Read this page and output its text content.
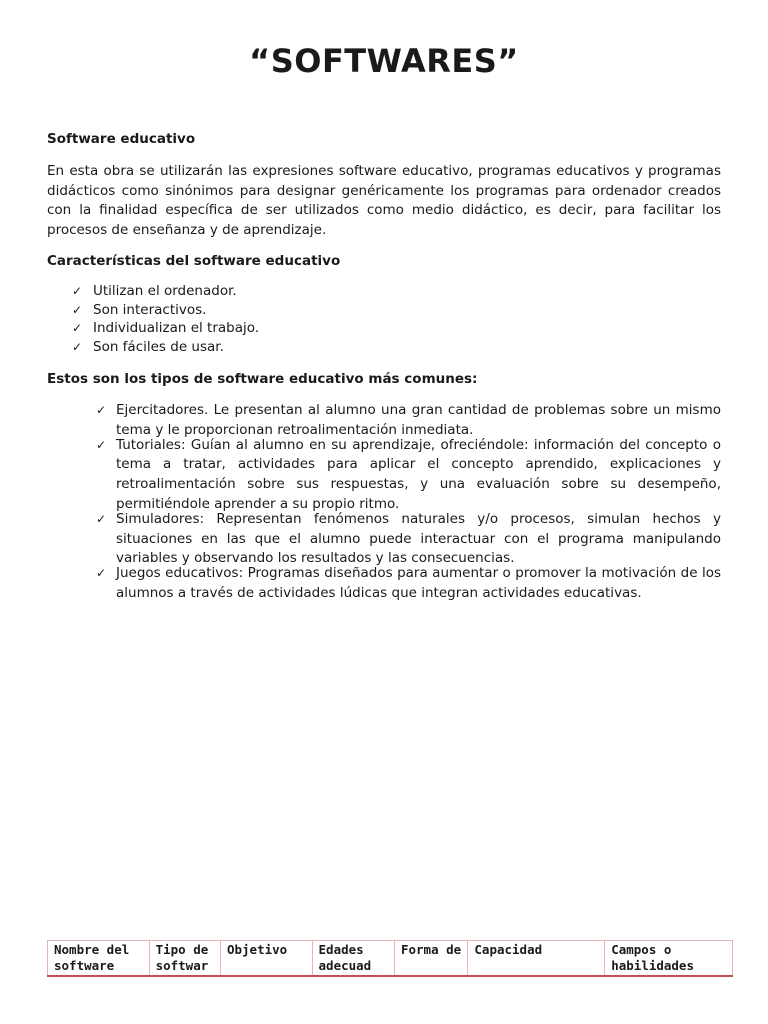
“SOFTWARES”
Software educativo
En esta obra se utilizarán las expresiones software educativo, programas educativos y programas didácticos como sinónimos para designar genéricamente los programas para ordenador creados con la finalidad específica de ser utilizados como medio didáctico, es decir, para facilitar los procesos de enseñanza y de aprendizaje.
Características del software educativo
✓ Utilizan el ordenador.
✓ Son interactivos.
✓ Individualizan el trabajo.
✓ Son fáciles de usar.
Estos son los tipos de software educativo más comunes:
✓ Ejercitadores. Le presentan al alumno una gran cantidad de problemas sobre un mismo tema y le proporcionan retroalimentación inmediata.
✓ Tutoriales: Guían al alumno en su aprendizaje, ofreciéndole: información del concepto o tema a tratar, actividades para aplicar el concepto aprendido, explicaciones y retroalimentación sobre sus respuestas, y una evaluación sobre su desempeño, permitiéndole aprender a su propio ritmo.
✓ Simuladores: Representan fenómenos naturales y/o procesos, simulan hechos y situaciones en las que el alumno puede interactuar con el programa manipulando variables y observando los resultados y las consecuencias.
✓ Juegos educativos: Programas diseñados para aumentar o promover la motivación de los alumnos a través de actividades lúdicas que integran actividades educativas.
Nombre del software	Tipo de softwar	Objetivo	Edades adecuad	Forma de	Capacidad	Campos o habilidades
